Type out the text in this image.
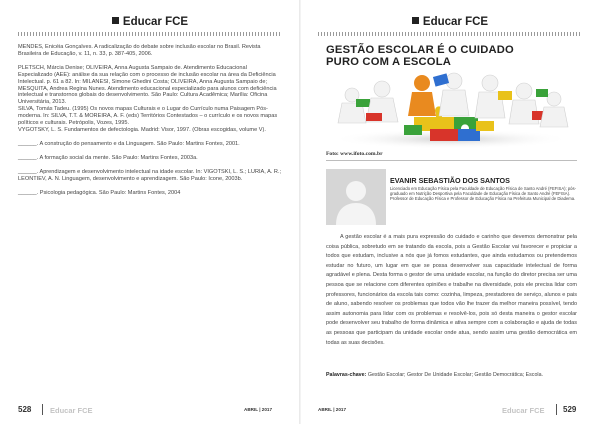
Educar FCE

MENDES, Enicéia Gonçalves. A radicalização do debate sobre inclusão escolar no Brasil. Revista Brasileira de Educação, v. 11, n. 33, p. 387-405, 2006.

PLETSCH, Márcia Denise; OLIVEIRA, Anna Augusta Sampaio de. Atendimento Educacional Especializado (AEE): análise da sua relação com o processo de inclusão escolar na área da Deficiência Intelectual. p. 61 a 82. In: MILANESI, Simone Ghedini Costa; OLIVEIRA, Anna Augusta Sampaio de; MESQUITA, Andrea Regina Nunes. Atendimento educacional especializado para alunos com deficiência intelectual e transtornos globais do desenvolvimento. São Paulo: Cultura Acadêmica; Marília: Oficina Universitária, 2013.

SILVA, Tomás Tadeu. (1995) Os novos mapas Culturais e o Lugar do Currículo numa Paisagem Pós-moderna. In: SILVA, T.T. & MOREIRA, A. F. (eds) Territórios Contestados – o currículo e os novos mapas políticos e culturais. Petrópolis, Vozes, 1995.

VYGOTSKY, L. S. Fundamentos de defectologia. Madrid: Visor, 1997. (Obras escogidas, volume V).

______. A construção do pensamento e da Linguagem. São Paulo: Martins Fontes, 2001.

______. A formação social da mente. São Paulo: Martins Fontes, 2003a.

______. Aprendizagem e desenvolvimento intelectual na idade escolar. In: VIGOTSKI, L. S.; LURIA, A. R.; LEONTIEV, A. N. Linguagem, desenvolvimento e aprendizagem. São Paulo: Icone, 2003b.

______. Psicologia pedagógica. São Paulo: Martins Fontes, 2004

528 Educar FCE	ABRIL | 2017
Educar FCE
GESTÃO ESCOLAR É O CUIDADO
PURO COM A ESCOLA
Foto: www.ifoto.com.br
EVANIR SEBASTIÃO DOS SANTOS
Licenciado em Educação Física pela Faculdade de Educação Física de Santo André (FEFISA); pós-graduado em Nutrição Desportiva pela Faculdade de Educação Física de Santo André (FEFISA). Professor de Educação Física e Professor de Educação Física na Prefeitura Municipal de Diadema.
A gestão escolar é a mais pura expressão do cuidado e carinho que devemos demonstrar pela coisa pública, sobretudo em se tratando da escola, pois a Gestão Escolar vai favorecer e propiciar a todos que estudam, inclusive a nós que já fomos estudantes, que ainda estudamos ou pretendemos estudar no futuro, um lugar em que se possa desenvolver sua capacidade intelectual de forma agradável e plena. Desta forma o gestor de uma unidade escolar, na função do diretor precisa ser uma pessoa que se relacione com diferentes opiniões e trabalhe na diversidade, pois ele precisa lidar com professores, funcionários da escola tais como: cozinha, limpeza, prestadores de serviço, alunos e pais de aluno, sabendo resolver os problemas que todos vão lhe trazer da melhor maneira possível, tendo assim autonomia para lidar com os problemas e resolvê-los, pois só desta maneira o gestor escolar pode desenvolver seu trabalho de forma dinâmica e ativa sempre com a colaboração e ajuda de todas as pessoas que participam da unidade escolar onde atua, sendo assim uma gestão democrática em todas as suas decisões.
Palavras-chave: Gestão Escolar; Gestor De Unidade Escolar; Gestão Democrática; Escola.
ABRIL | 2017	Educar FCE 529
